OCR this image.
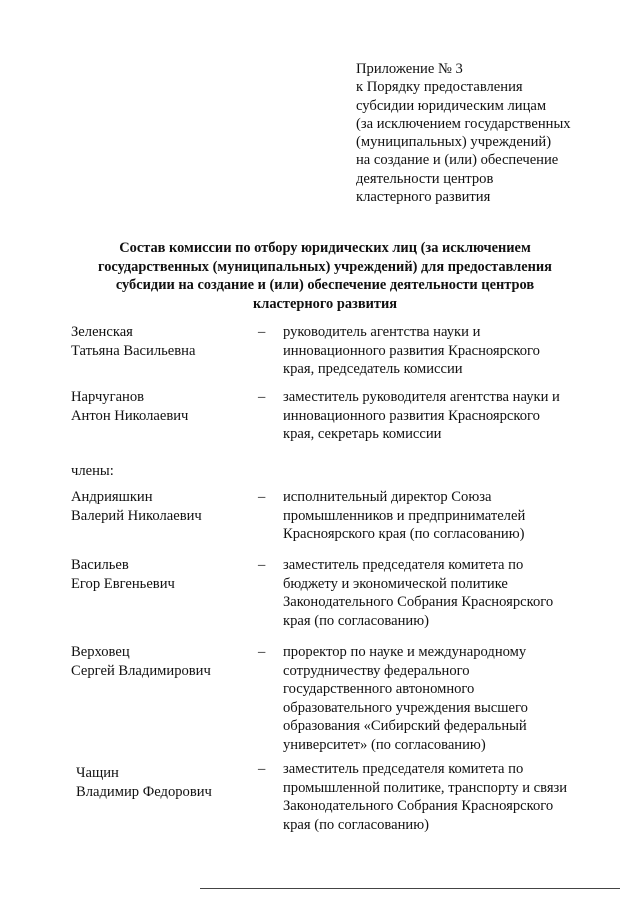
Приложение № 3
к Порядку предоставления
субсидии юридическим лицам
(за исключением государственных
(муниципальных) учреждений)
на создание и (или) обеспечение
деятельности центров
кластерного развития
Состав комиссии по отбору юридических лиц (за исключением
государственных (муниципальных) учреждений) для предоставления
субсидии на создание и (или) обеспечение деятельности центров
кластерного развития
Зеленская
Татьяна Васильевна
– руководитель агентства науки и
инновационного развития Красноярского
края, председатель комиссии
Нарчуганов
Антон Николаевич
– заместитель руководителя агентства науки и
инновационного развития Красноярского
края, секретарь комиссии
члены:
Андрияшкин
Валерий Николаевич
– исполнительный директор Союза
промышленников и предпринимателей
Красноярского края (по согласованию)
Васильев
Егор Евгеньевич
– заместитель председателя комитета по
бюджету и экономической политике
Законодательного Собрания Красноярского
края (по согласованию)
Верховец
Сергей Владимирович
– проректор по науке и международному
сотрудничеству федерального
государственного автономного
образовательного учреждения высшего
образования «Сибирский федеральный
университет» (по согласованию)
Чащин
Владимир Федорович
– заместитель председателя комитета по
промышленной политике, транспорту и связи
Законодательного Собрания Красноярского
края (по согласованию)
